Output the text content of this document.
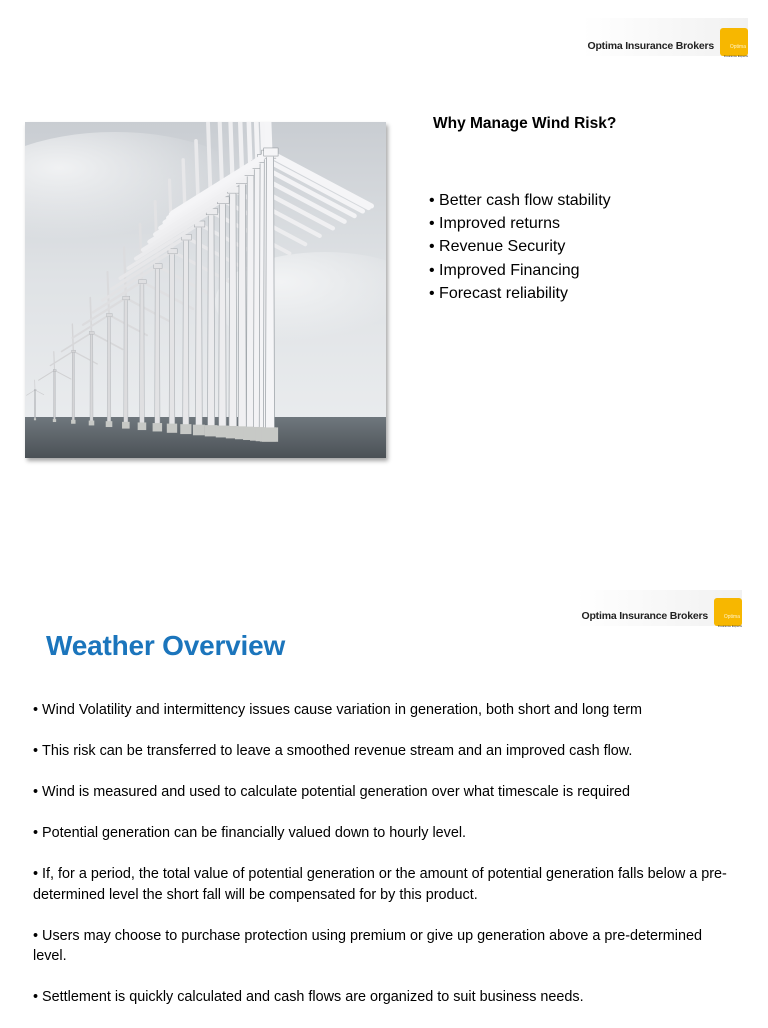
Optima Insurance Brokers	Optima
Insurance Experts
Why Manage Wind Risk?
• Better cash flow stability
• Improved returns
• Revenue Security
• Improved Financing
• Forecast reliability
Optima Insurance Brokers	Optima
Insurance Experts
Weather Overview
• Wind Volatility and intermittency issues cause variation in generation, both short and long term
• This risk can be transferred to leave a smoothed revenue stream and an improved cash flow.
• Wind is measured and used to calculate potential generation over what timescale is required
• Potential generation can be financially valued down to hourly level.
• If, for a period, the total value of potential generation or the amount of potential generation falls below a pre-determined level the short fall will be compensated for by this product.
• Users may choose to purchase protection using premium or give up generation above a pre-determined level.
• Settlement is quickly calculated and cash flows are organized to suit business needs.
